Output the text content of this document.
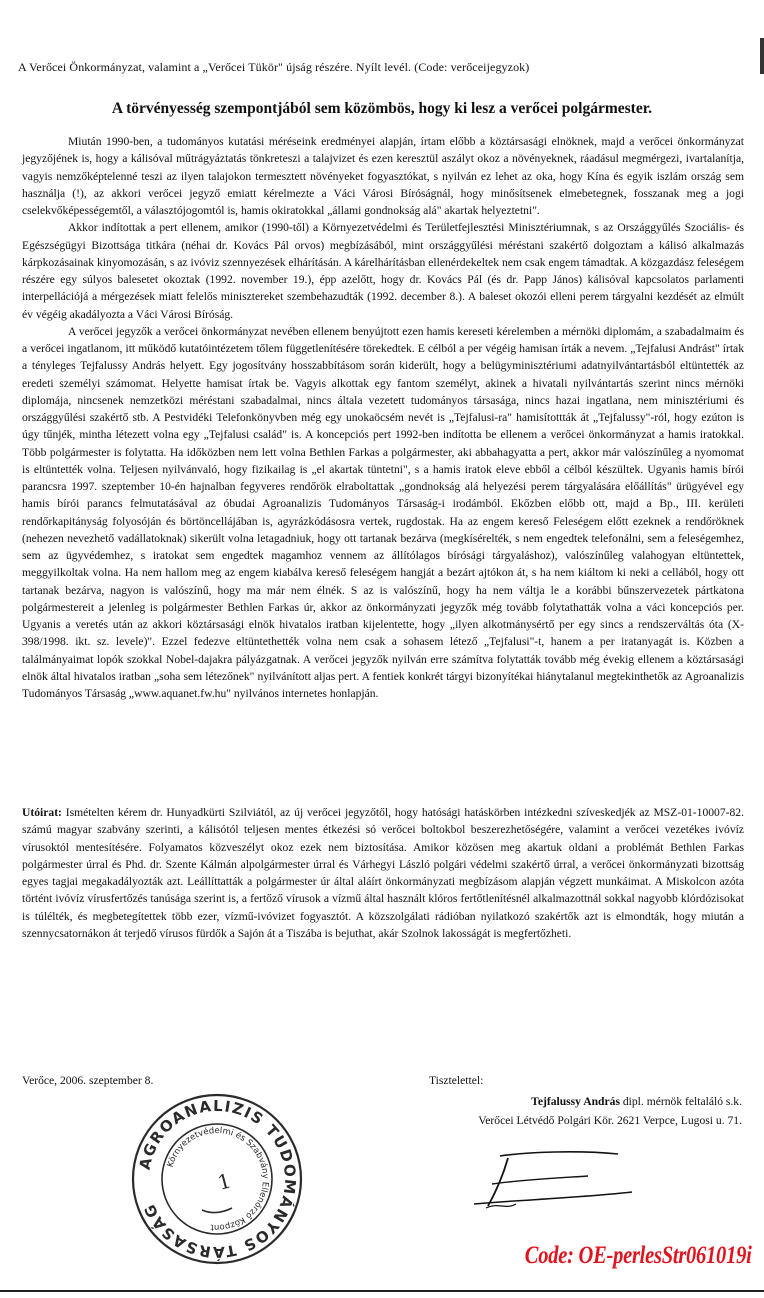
A Verőcei Önkormányzat, valamint a „Verőcei Tükör" újság részére. Nyílt levél. (Code: verőceijegyzok)
A törvényesség szempontjából sem közömbös, hogy ki lesz a verőcei polgármester.

Miután 1990-ben, a tudományos kutatási méréseink eredményei alapján, írtam előbb a köztársasági elnöknek, majd a verőcei önkormányzat jegyzőjének is, hogy a kálisóval műtrágyáztatás tönkreteszi a talajvizet és ezen keresztül aszályt okoz a növényeknek, ráadásul megmérgezi, ivartalanítja, vagyis nemzőképtelenné teszi az ilyen talajokon termesztett növényeket fogyasztókat, s nyilván ez lehet az oka, hogy Kína és egyik iszlám ország sem használja (!), az akkori verőcei jegyző emiatt kérelmezte a Váci Városi Bíróságnál, hogy minősítsenek elmebetegnek, fosszanak meg a jogi cselekvőképességemtől, a választójogomtól is, hamis okiratokkal „állami gondnokság alá" akartak helyeztetni".

Akkor indítottak a pert ellenem, amikor (1990-től) a Környezetvédelmi és Területfejlesztési Minisztériumnak, s az Országgyűlés Szociális- és Egészségügyi Bizottsága titkára (néhai dr. Kovács Pál orvos) megbízásából, mint országgyűlési méréstani szakértő dolgoztam a kálisó alkalmazás kárpkozásainak kinyomozásán, s az ivóviz szennyezések elhárításán. A kárelhárításban ellenérdekeltek nem csak engem támadtak. A közgazdász feleségem részére egy súlyos balesetet okoztak (1992. november 19.), épp azelőtt, hogy dr. Kovács Pál (és dr. Papp János) kálisóval kapcsolatos parlamenti interpellációjá a mérgezések miatt felelős minisztereket szembehazudták (1992. december 8.). A baleset okozói elleni perem tárgyalni kezdését az elmúlt év végéig akadályozta a Váci Városi Bíróság.

A verőcei jegyzők a verőcei önkormányzat nevében ellenem benyújtott ezen hamis kereseti kérelemben a mérnöki diplomám, a szabadalmaim és a verőcei ingatlanom, itt működő kutatóintézetem tőlem függetlenítésére törekedtek. E célból a per végéig hamisan írták a nevem. „Tejfalusi Andrást" írtak a tényleges Tejfalussy András helyett. Egy jogosítvány hosszabbításom során kiderült, hogy a belügyminisztériumi adatnyilvántartásból eltüntették az eredeti személyi számomat. Helyette hamisat írtak be. Vagyis alkottak egy fantom személyt, akinek a hivatali nyilvántartás szerint nincs mérnöki diplomája, nincsenek nemzetközi méréstani szabadalmai, nincs általa vezetett tudományos társasága, nincs hazai ingatlana, nem minisztériumi és országgyűlési szakértő stb. A Pestvidéki Telefonkönyvben még egy unokaöcsém nevét is „Tejfalusi-ra" hamisítottták át „Tejfalussy"-ról, hogy ezúton is úgy tűnjék, mintha létezett volna egy „Tejfalusi család" is. A koncepciós pert 1992-ben indította be ellenem a verőcei önkormányzat a hamis iratokkal. Több polgármester is folytatta. Ha időközben nem lett volna Bethlen Farkas a polgármester, aki abbahagyatta a pert, akkor már valószínűleg a nyomomat is eltüntették volna. Teljesen nyilvánvaló, hogy fizikailag is „el akartak tüntetni", s a hamis iratok eleve ebből a célból készültek. Ugyanis hamis bírói parancsra 1997. szeptember 10-én hajnalban fegyveres rendőrök elraboltattak „gondnokság alá helyezési perem tárgyalására előállítás" ürügyével egy hamis bírói parancs felmutatásával az óbudai Agroanalizis Tudományos Társaság-i irodámból. Ekőzben előbb ott, majd a Bp., III. kerületi rendőrkapitányság folyosóján és börtöncellájában is, agyrázkódásosra vertek, rugdostak. Ha az engem kereső Feleségem előtt ezeknek a rendőröknek (nehezen nevezhető vadállatoknak) sikerült volna letagadniuk, hogy ott tartanak bezárva (megkísérelték, s nem engedtek telefonálni, sem a feleségemhez, sem az ügyvédemhez, s iratokat sem engedtek magamhoz vennem az állítólagos bírósági tárgyaláshoz), valószínűleg valahogyan eltüntettek, meggyilkoltak volna. Ha nem hallom meg az engem kiabálva kereső feleségem hangját a bezárt ajtókon át, s ha nem kiáltom ki neki a cellából, hogy ott tartanak bezárva, nagyon is valószínű, hogy ma már nem élnék. S az is valószínű, hogy ha nem váltja le a korábbi bűnszervezetek pártkatona polgármestereit a jelenleg is polgármester Bethlen Farkas úr, akkor az önkormányzati jegyzők még tovább folytathatták volna a váci koncepciós per. Ugyanis a veretés után az akkori köztársasági elnök hivatalos iratban kijelentette, hogy „ilyen alkotmánysértő per egy sincs a rendszerváltás óta (X-398/1998. ikt. sz. levele)". Ezzel fedezve eltüntethették volna nem csak a sohasem létező „Tejfalusi"-t, hanem a per iratanyagát is. Közben a találmányaimat lopók szokkal Nobel-dajakra pályázgatnak. A verőcei jegyzők nyilván erre számítva folytatták tovább még évekig ellenem a köztársasági elnök által hivatalos iratban „soha sem létezőnek" nyilvánított aljas pert. A fentiek konkrét tárgyi bizonyítékai hiánytalanul megtekinthetők az Agroanalizis Tudományos Társaság „www.aquanet.fw.hu" nyilvános internetes honlapján.

Utóirat: Ismételten kérem dr. Hunyadkürti Szilviától, az új verőcei jegyzőtől, hogy hatósági hatáskörben intézkedni szíveskedjék az MSZ-01-10007-82. számú magyar szabvány szerinti, a kálisótól teljesen mentes étkezési só verőcei boltokbol beszerezhetőségére, valamint a verőcei vezetékes ivóvíz vírusoktól mentesítésére. Folyamatos közveszélyt okoz ezek nem biztosítása. Amikor közösen meg akartuk oldani a problémát Bethlen Farkas polgármester úrral és Phd. dr. Szente Kálmán alpolgármester úrral és Várhegyi László polgári védelmi szakértő úrral, a verőcei önkormányzati bizottság egyes tagjai megakadályozták azt. Leállíttatták a polgármester úr által aláírt önkormányzati megbízásom alapján végzett munkáimat. A Miskolcon azóta történt ivóvíz vírusfertőzés tanúsága szerint is, a fertőző vírusok a vízmű által használt klóros fertőtlenítésnél alkalmazottnál sokkal nagyobb klórdózisokat is túlélték, és megbetegítettek több ezer, vízmű-ivóvizet fogyasztót. A közszolgálati rádióban nyilatkozó szakértők azt is elmondták, hogy miután a szennycsatornákon át terjedő vírusos fürdők a Sajón át a Tiszába is bejuthat, akár Szolnok lakosságát is megfertőzheti.

Verőce, 2006. szeptember 8.	Tisztelettel:
Tejfalussy András dipl. mérnök feltaláló s.k.
Verőcei Létvédő Polgári Kör. 2621 Verpce, Lugosi u. 71.
AGROANALIZIS TUDOMÁNYOS TÁRSASÁG
Környezetvédelmi és Szabvány Ellenőrző Központ
1
Code: OE-perlesStr061019i
